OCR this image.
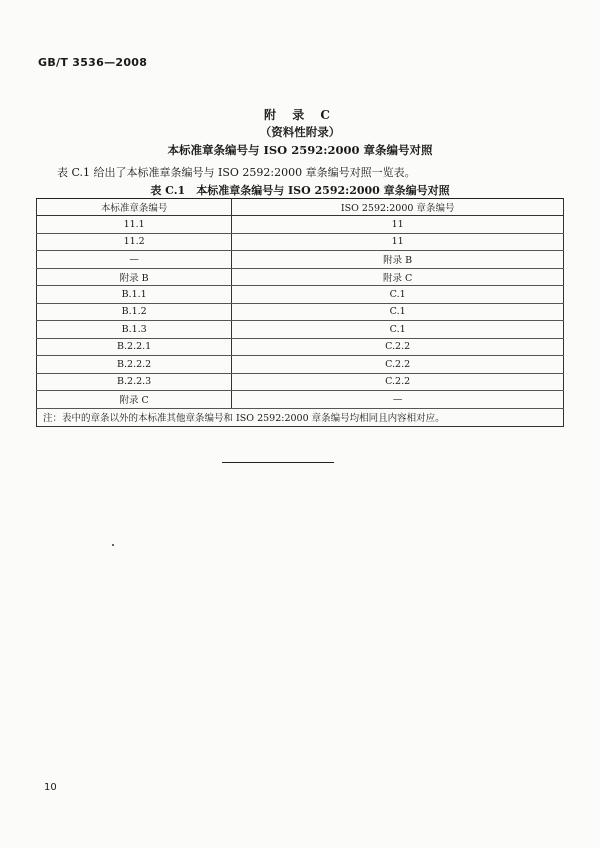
GB/T 3536—2008
附 录 C
（资料性附录）
本标准章条编号与 ISO 2592:2000 章条编号对照
表 C.1 给出了本标准章条编号与 ISO 2592:2000 章条编号对照一览表。
表 C.1　本标准章条编号与 ISO 2592:2000 章条编号对照
本标准章条编号	ISO 2592:2000 章条编号
11.1	11
11.2	11
—	附录 B
附录 B	附录 C
B.1.1	C.1
B.1.2	C.1
B.1.3	C.1
B.2.2.1	C.2.2
B.2.2.2	C.2.2
B.2.2.3	C.2.2
附录 C	—
注：表中的章条以外的本标准其他章条编号和 ISO 2592:2000 章条编号均相同且内容相对应。	
10
